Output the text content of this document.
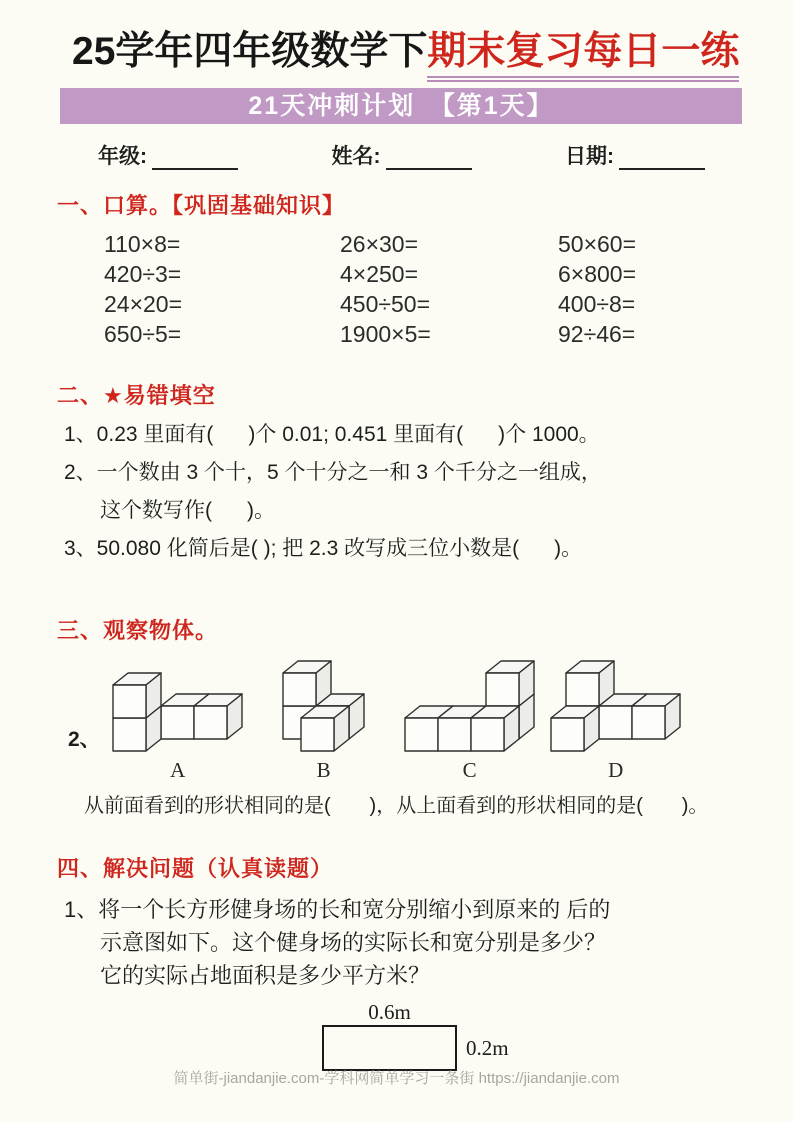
25学年四年级数学下期末复习每日一练
21天冲刺计划　【第1天】
年级:	姓名:	日期:
一、口算。【巩固基础知识】
110×8=	26×30=	50×60=
420÷3=	4×250=	6×800=
24×20=	450÷50=	400÷8=
650÷5=	1900×5=	92÷46=
二、★易错填空
1、0.23 里面有(      )个 0.01; 0.451 里面有(      )个 1000。
2、一个数由 3 个十，5 个十分之一和 3 个千分之一组成，
这个数写作(      )。
3、50.080 化简后是( ); 把 2.3 改写成三位小数是(      )。
三、观察物体。
2、
A	B	C	D
从前面看到的形状相同的是(       )，从上面看到的形状相同的是(       )。
四、解决问题（认真读题）
1、将一个长方形健身场的长和宽分别缩小到原来的 后的
示意图如下。这个健身场的实际长和宽分别是多少？
它的实际占地面积是多少平方米？
0.6m
0.2m
简单街-jiandanjie.com-学科网简单学习一条街 https://jiandanjie.com
